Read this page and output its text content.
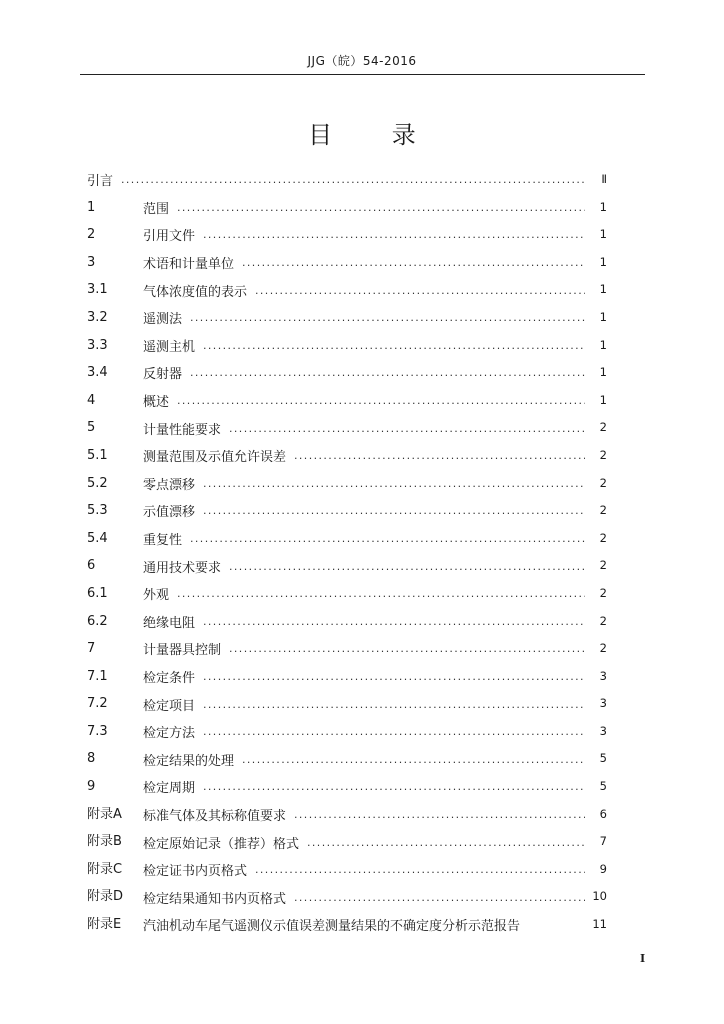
JJG（皖）54-2016
目 录
引言 .....	Ⅱ
1	范围 .....	1
2	引用文件 .....	1
3	术语和计量单位 .....	1
3.1	气体浓度值的表示 .....	1
3.2	遥测法 .....	1
3.3	遥测主机 .....	1
3.4	反射器 .....	1
4	概述 .....	1
5	计量性能要求 .....	2
5.1	测量范围及示值允许误差 .....	2
5.2	零点漂移 .....	2
5.3	示值漂移 .....	2
5.4	重复性 .....	2
6	通用技术要求 .....	2
6.1	外观 .....	2
6.2	绝缘电阻 .....	2
7	计量器具控制 .....	2
7.1	检定条件 .....	3
7.2	检定项目 .....	3
7.3	检定方法 .....	3
8	检定结果的处理 .....	5
9	检定周期 .....	5
附录A 标准气体及其标称值要求 .....	6
附录B 检定原始记录（推荐）格式 .....	7
附录C 检定证书内页格式 .....	9
附录D 检定结果通知书内页格式 .....	10
附录E 汽油机动车尾气遥测仪示值误差测量结果的不确定度分析示范报告	11
Ⅰ
